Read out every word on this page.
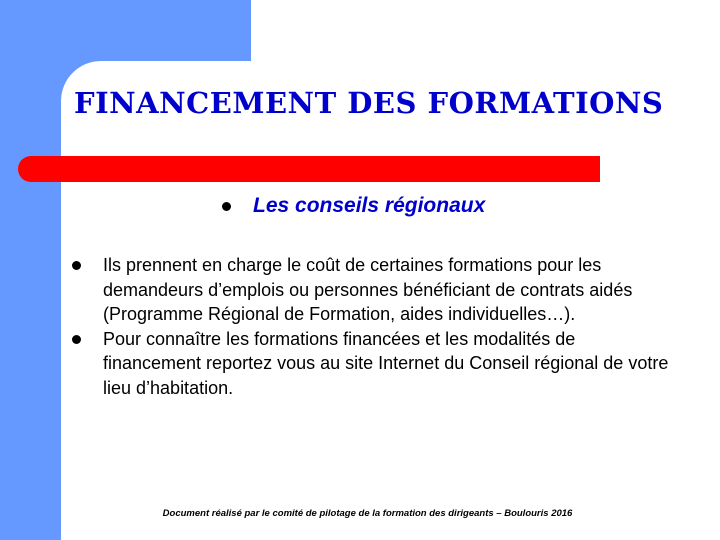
FINANCEMENT DES FORMATIONS
Les conseils régionaux
Ils prennent en charge le coût de certaines formations pour les demandeurs d’emplois ou personnes bénéficiant de contrats aidés (Programme Régional de Formation, aides individuelles…).
Pour connaître les formations financées et les modalités de financement reportez vous au site Internet du Conseil régional de votre lieu d’habitation.
Document réalisé par le comité de pilotage de la formation des dirigeants – Boulouris 2016
